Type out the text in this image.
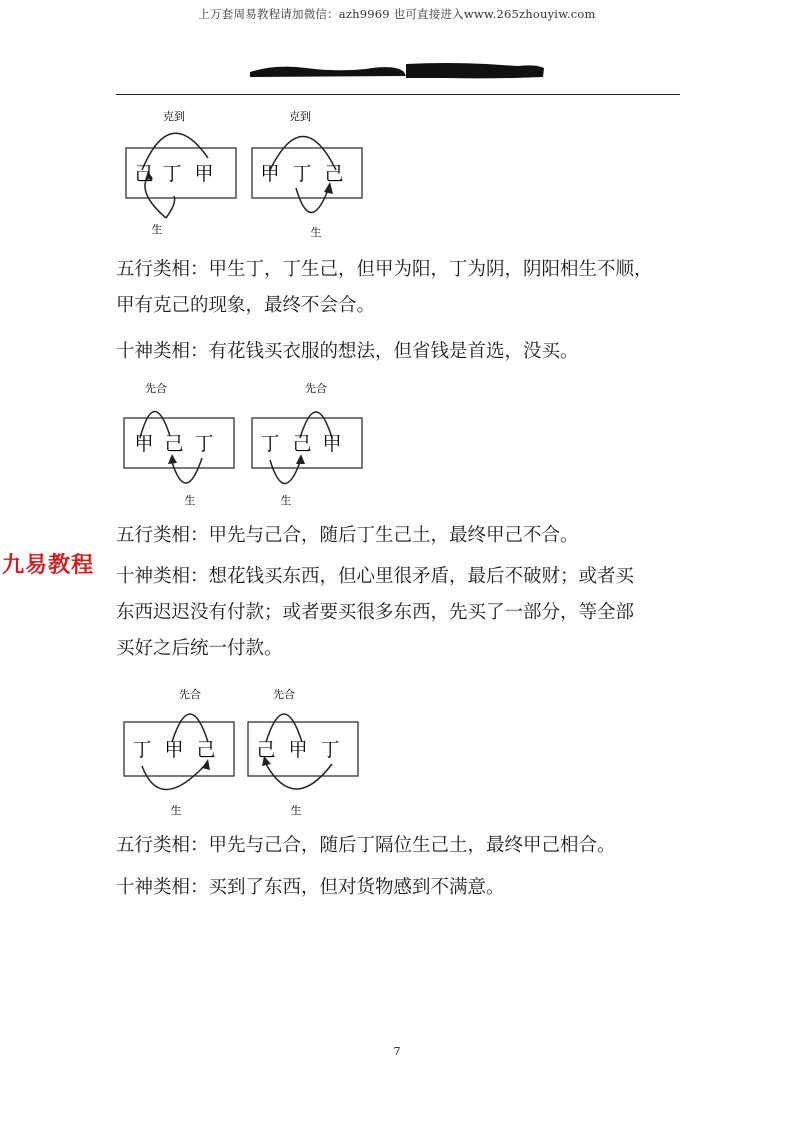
上万套周易教程请加微信：azh9969 也可直接进入www.265zhouyiw.com
克到
己 丁 甲
生
克到
甲 丁 己
生
五行类相：甲生丁，丁生己，但甲为阳，丁为阴，阴阳相生不顺，
甲有克己的现象，最终不会合。
十神类相：有花钱买衣服的想法，但省钱是首选，没买。
先合
甲 己 丁
生
先合
丁 己 甲
生
五行类相：甲先与己合，随后丁生己土，最终甲己不合。
十神类相：想花钱买东西，但心里很矛盾，最后不破财；或者买
东西迟迟没有付款；或者要买很多东西，先买了一部分，等全部
买好之后统一付款。
先合
丁 甲 己
生
先合
己 甲 丁
生
五行类相：甲先与己合，随后丁隔位生己土，最终甲己相合。
十神类相：买到了东西，但对货物感到不满意。
九易教程
7
